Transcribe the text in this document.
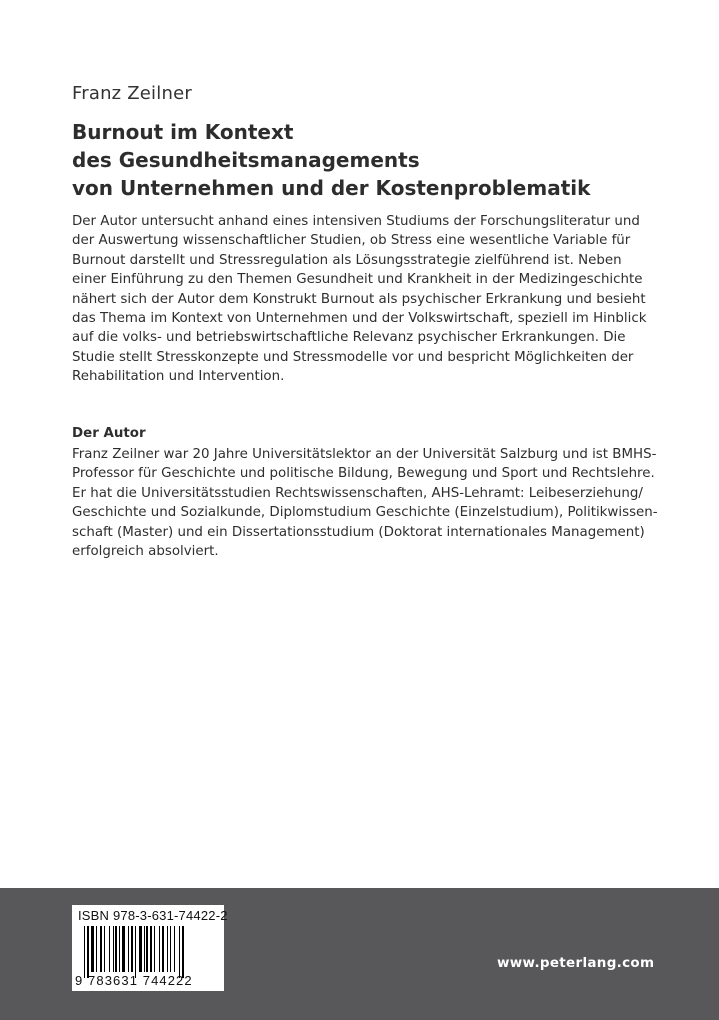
Franz Zeilner
Burnout im Kontext
des Gesundheitsmanagements
von Unternehmen und der Kostenproblematik
Der Autor untersucht anhand eines intensiven Studiums der Forschungsliteratur und
der Auswertung wissenschaftlicher Studien, ob Stress eine wesentliche Variable für
Burnout darstellt und Stressregulation als Lösungsstrategie zielführend ist. Neben
einer Einführung zu den Themen Gesundheit und Krankheit in der Medizingeschichte
nähert sich der Autor dem Konstrukt Burnout als psychischer Erkrankung und besieht
das Thema im Kontext von Unternehmen und der Volkswirtschaft, speziell im Hinblick
auf die volks- und betriebswirtschaftliche Relevanz psychischer Erkrankungen. Die
Studie stellt Stresskonzepte und Stressmodelle vor und bespricht Möglichkeiten der
Rehabilitation und Intervention.
Der Autor
Franz Zeilner war 20 Jahre Universitätslektor an der Universität Salzburg und ist BMHS-
Professor für Geschichte und politische Bildung, Bewegung und Sport und Rechtslehre.
Er hat die Universitätsstudien Rechtswissenschaften, AHS-Lehramt: Leibeserziehung/
Geschichte und Sozialkunde, Diplomstudium Geschichte (Einzelstudium), Politikwissen-
schaft (Master) und ein Dissertationsstudium (Doktorat internationales Management)
erfolgreich absolviert.
ISBN 978-3-631-74422-2
9 783631 744222
www.peterlang.com
